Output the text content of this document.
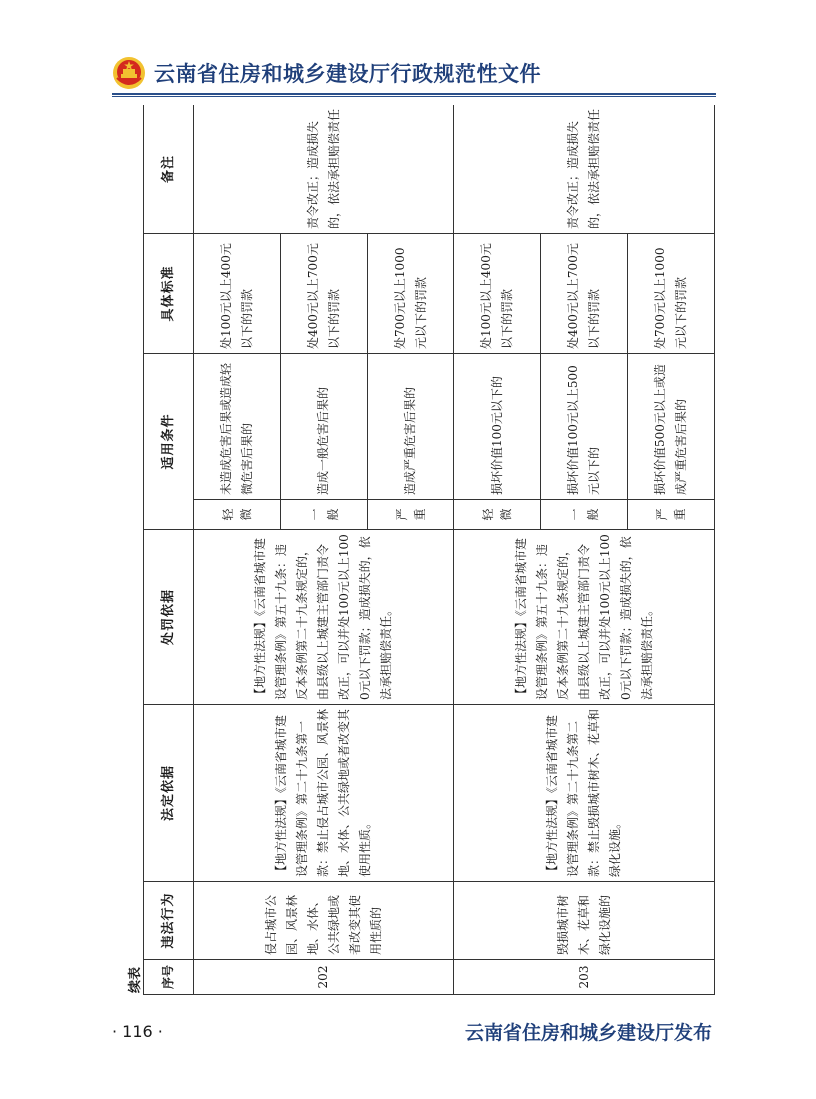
云南省住房和城乡建设厅行政规范性文件
续表 序号	违法行为	法定依据	处罚依据	适用条件		具体标准	备注
202	侵占城市公园、风景林地、水体、公共绿地或者改变其使用性质的	【地方性法规】《云南省城市建设管理条例》第二十九条第一款：禁止侵占城市公园、风景林地、水体、公共绿地或者改变其使用性质。	【地方性法规】《云南省城市建设管理条例》第五十九条：违反本条例第二十九条规定的，由县级以上城建主管部门责令改正，可以并处100元以上1000元以下罚款；造成损失的，依法承担赔偿责任。	轻微	未造成危害后果或造成轻微危害后果的	处100元以上400元以下的罚款	责令改正；造成损失的，依法承担赔偿责任
				一般	造成一般危害后果的	处400元以上700元以下的罚款	
				严重	造成严重危害后果的	处700元以上1000元以下的罚款	
203	毁损城市树木、花草和绿化设施的	【地方性法规】《云南省城市建设管理条例》第二十九条第二款：禁止毁损城市树木、花草和绿化设施。	【地方性法规】《云南省城市建设管理条例》第五十九条：违反本条例第二十九条规定的，由县级以上城建主管部门责令改正，可以并处100元以上1000元以下罚款；造成损失的，依法承担赔偿责任。	轻微	损坏价值100元以下的	处100元以上400元以下的罚款	责令改正；造成损失的，依法承担赔偿责任
				一般	损坏价值100元以上500元以下的	处400元以上700元以下的罚款	
				严重	损坏价值500元以上或造成严重危害后果的	处700元以上1000元以下的罚款	
· 116 ·	云南省住房和城乡建设厅发布
